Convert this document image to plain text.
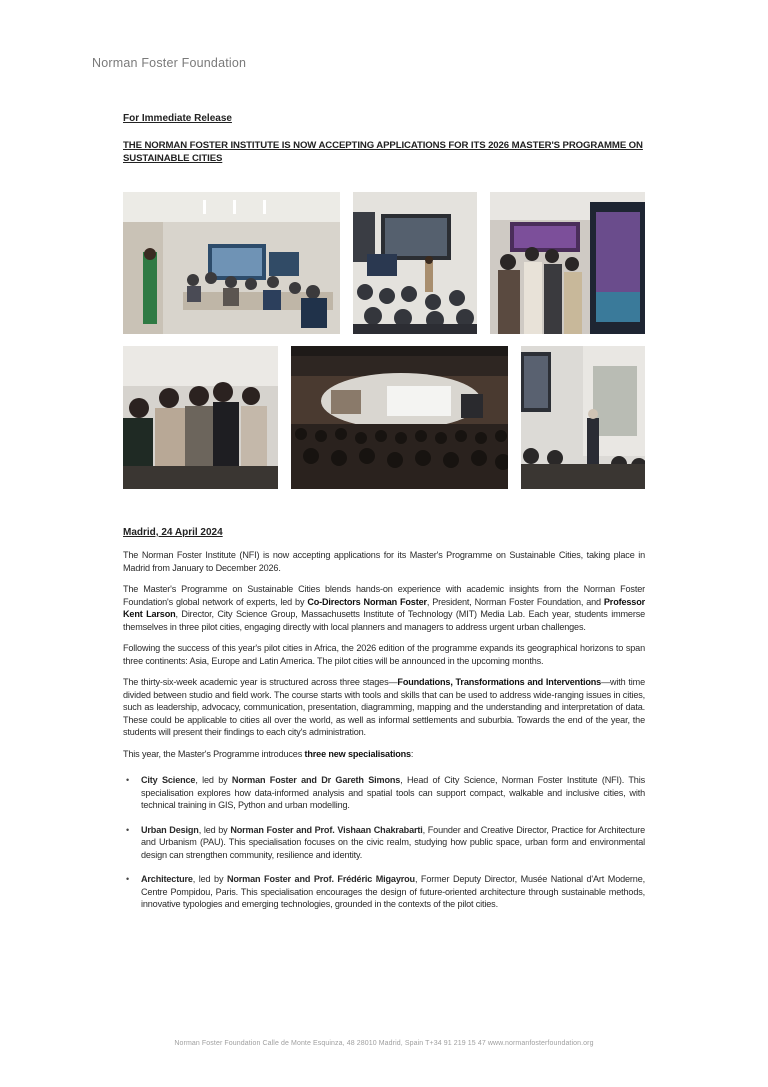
Norman Foster Foundation

For Immediate Release

THE NORMAN FOSTER INSTITUTE IS NOW ACCEPTING APPLICATIONS FOR ITS 2026 MASTER'S PROGRAMME ON SUSTAINABLE CITIES

Madrid, 24 April 2024

The Norman Foster Institute (NFI) is now accepting applications for its Master's Programme on Sustainable Cities, taking place in Madrid from January to December 2026.

The Master's Programme on Sustainable Cities blends hands-on experience with academic insights from the Norman Foster Foundation's global network of experts, led by Co-Directors Norman Foster, President, Norman Foster Foundation, and Professor Kent Larson, Director, City Science Group, Massachusetts Institute of Technology (MIT) Media Lab. Each year, students immerse themselves in three pilot cities, engaging directly with local planners and managers to address urgent urban challenges.

Following the success of this year's pilot cities in Africa, the 2026 edition of the programme expands its geographical horizons to span three continents: Asia, Europe and Latin America. The pilot cities will be announced in the upcoming months.

The thirty-six-week academic year is structured across three stages—Foundations, Transformations and Interventions—with time divided between studio and field work. The course starts with tools and skills that can be used to address wide-ranging issues in cities, such as leadership, advocacy, communication, presentation, diagramming, mapping and the understanding and interpretation of data. These could be applicable to cities all over the world, as well as informal settlements and suburbia. Towards the end of the year, the students will present their findings to each city's administration.

This year, the Master's Programme introduces three new specialisations:

• City Science, led by Norman Foster and Dr Gareth Simons, Head of City Science, Norman Foster Institute (NFI). This specialisation explores how data-informed analysis and spatial tools can support compact, walkable and inclusive cities, with technical training in GIS, Python and urban modelling.
• Urban Design, led by Norman Foster and Prof. Vishaan Chakrabarti, Founder and Creative Director, Practice for Architecture and Urbanism (PAU). This specialisation focuses on the civic realm, studying how public space, urban form and environmental design can strengthen community, resilience and identity.
• Architecture, led by Norman Foster and Prof. Frédéric Migayrou, Former Deputy Director, Musée National d'Art Moderne, Centre Pompidou, Paris. This specialisation encourages the design of future-oriented architecture through sustainable methods, innovative typologies and emerging technologies, grounded in the contexts of the pilot cities.
Norman Foster Foundation Calle de Monte Esquinza, 48 28010 Madrid, Spain T+34 91 219 15 47 www.normanfosterfoundation.org
